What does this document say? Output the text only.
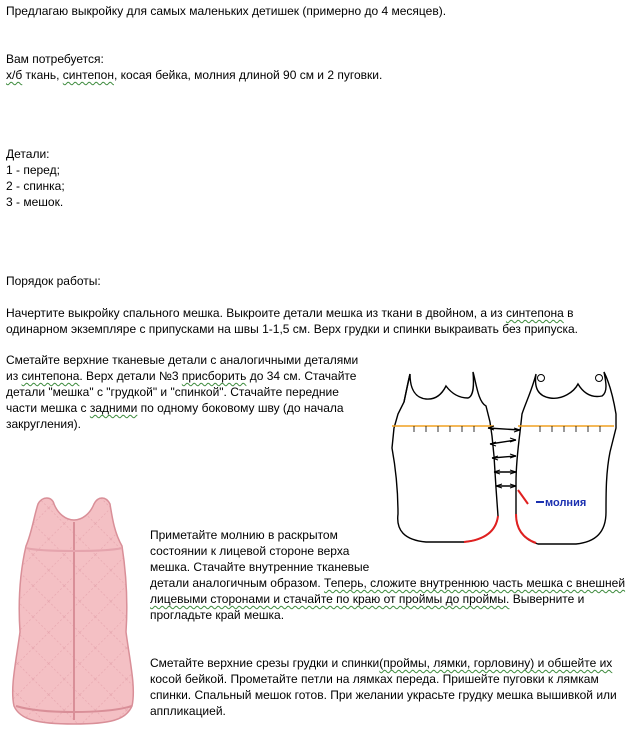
Предлагаю выкройку для самых маленьких детишек (примерно до 4 месяцев).
Вам потребуется:
х/б ткань, синтепон, косая бейка, молния длиной 90 см и 2 пуговки.
Детали:
1 - перед;
2 - спинка;
3 - мешок.
Порядок работы:
Начертите выкройку спального мешка. Выкроите детали мешка из ткани в двойном, а из синтепона в
одинарном экземпляре с припусками на швы 1-1,5 см. Верх грудки и спинки выкраивать без припуска.
Сметайте верхние тканевые детали с аналогичными деталями
из синтепона. Верх детали №3 присборить до 34 см. Стачайте
детали "мешка" с "грудкой" и "спинкой". Стачайте передние
части мешка с задними по одному боковому шву (до начала
закругления).
молния
Приметайте молнию в раскрытом
состоянии к лицевой стороне верха
мешка. Стачайте внутренние тканевые
детали аналогичным образом. Теперь, сложите внутреннюю часть мешка с внешней
лицевыми сторонами и стачайте по краю от проймы до проймы. Выверните и
прогладьте край мешка.
Сметайте верхние срезы грудки и спинки(проймы, лямки, горловину) и обшейте их
косой бейкой. Прометайте петли на лямках переда. Пришейте пуговки к лямкам
спинки. Спальный мешок готов. При желании украсьте грудку мешка вышивкой или
аппликацией.
